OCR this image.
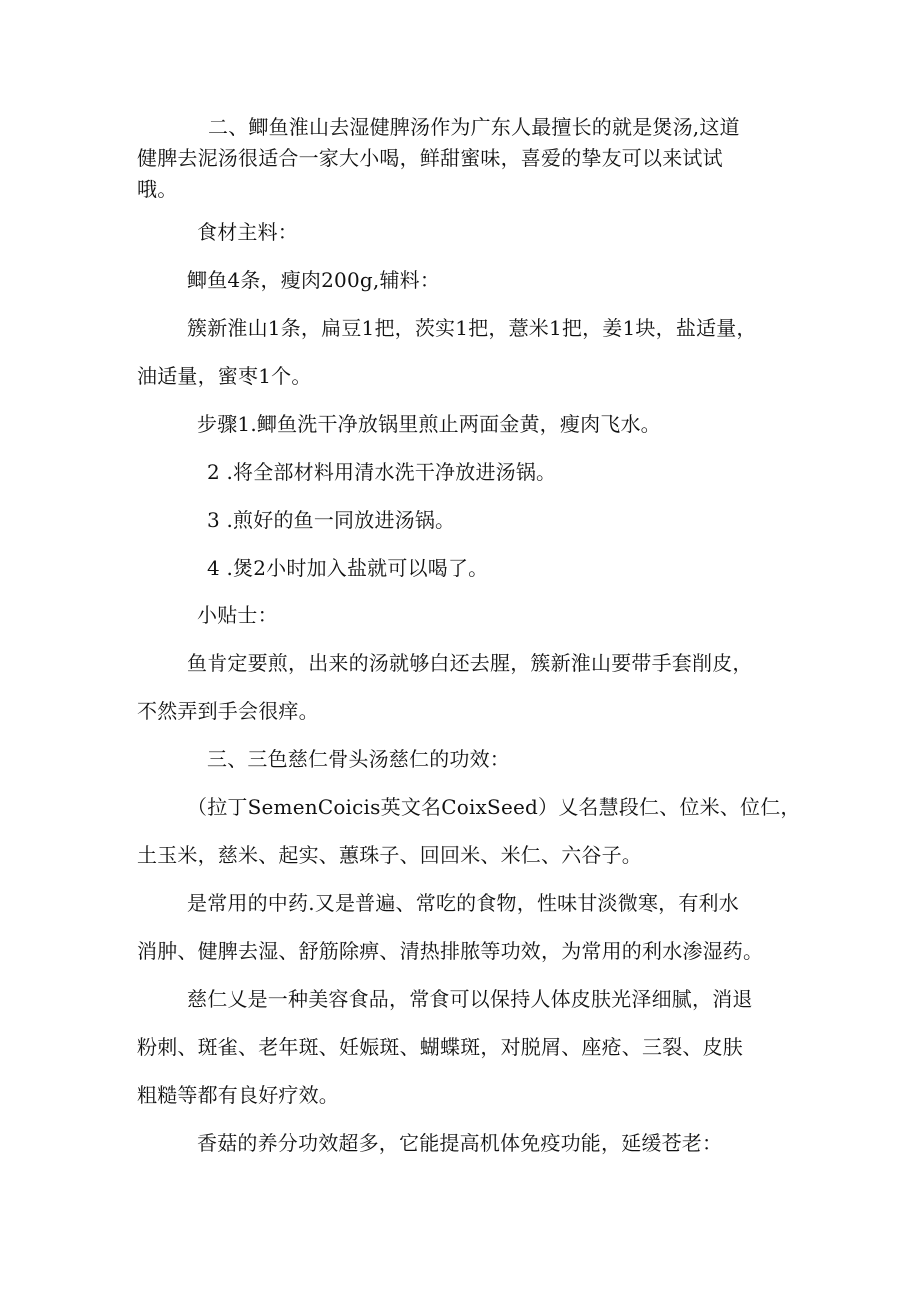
二、鲫鱼淮山去湿健脾汤作为广东人最擅长的就是煲汤,这道
健脾去泥汤很适合一家大小喝，鲜甜蜜味，喜爱的挚友可以来试试
哦。
食材主料：
鲫鱼4条，瘦肉200g,辅料：
簇新淮山1条，扁豆1把，茨实1把，薏米1把，姜1块，盐适量，
油适量，蜜枣1个。
步骤1.鲫鱼洗干净放锅里煎止两面金黄，瘦肉飞水。
2 .将全部材料用清水洗干净放进汤锅。
3 .煎好的鱼一同放进汤锅。
4 .煲2小时加入盐就可以喝了。
小贴士：
鱼肯定要煎，出来的汤就够白还去腥，簇新淮山要带手套削皮，
不然弄到手会很痒。
三、三色慈仁骨头汤慈仁的功效：
（拉丁SemenCoicis英文名CoixSeed）乂名慧段仁、位米、位仁，
土玉米，慈米、起实、蕙珠子、回回米、米仁、六谷子。
是常用的中药.又是普遍、常吃的食物，性味甘淡微寒，有利水
消肿、健脾去湿、舒筋除痹、清热排脓等功效，为常用的利水渗湿药。
慈仁乂是一种美容食品，常食可以保持人体皮肤光泽细腻，消退
粉刺、斑雀、老年斑、妊娠斑、蝴蝶斑，对脱屑、座疮、三裂、皮肤
粗糙等都有良好疗效。
香菇的养分功效超多，它能提高机体免疫功能，延缓苍老：
